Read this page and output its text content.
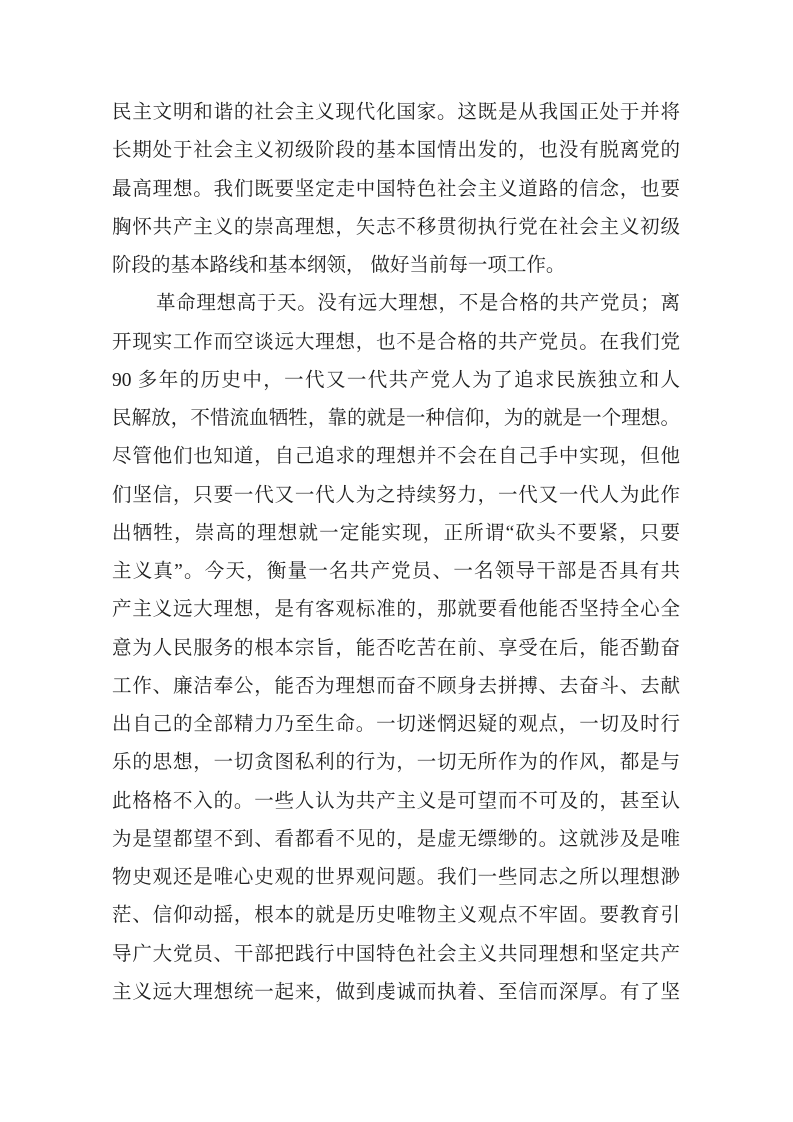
民主文明和谐的社会主义现代化国家。这既是从我国正处于并将
长期处于社会主义初级阶段的基本国情出发的，也没有脱离党的
最高理想。我们既要坚定走中国特色社会主义道路的信念，也要
胸怀共产主义的崇高理想，矢志不移贯彻执行党在社会主义初级
阶段的基本路线和基本纲领， 做好当前每一项工作。
革命理想高于天。没有远大理想，不是合格的共产党员；离
开现实工作而空谈远大理想，也不是合格的共产党员。在我们党
90 多年的历史中，一代又一代共产党人为了追求民族独立和人
民解放，不惜流血牺牲，靠的就是一种信仰，为的就是一个理想。
尽管他们也知道，自己追求的理想并不会在自己手中实现，但他
们坚信，只要一代又一代人为之持续努力，一代又一代人为此作
出牺牲，崇高的理想就一定能实现，正所谓“砍头不要紧，只要
主义真”。今天，衡量一名共产党员、一名领导干部是否具有共
产主义远大理想，是有客观标准的，那就要看他能否坚持全心全
意为人民服务的根本宗旨，能否吃苦在前、享受在后，能否勤奋
工作、廉洁奉公，能否为理想而奋不顾身去拼搏、去奋斗、去献
出自己的全部精力乃至生命。一切迷惘迟疑的观点，一切及时行
乐的思想，一切贪图私利的行为，一切无所作为的作风，都是与
此格格不入的。一些人认为共产主义是可望而不可及的，甚至认
为是望都望不到、看都看不见的，是虚无缥缈的。这就涉及是唯
物史观还是唯心史观的世界观问题。我们一些同志之所以理想渺
茫、信仰动摇，根本的就是历史唯物主义观点不牢固。要教育引
导广大党员、干部把践行中国特色社会主义共同理想和坚定共产
主义远大理想统一起来，做到虔诚而执着、至信而深厚。有了坚
